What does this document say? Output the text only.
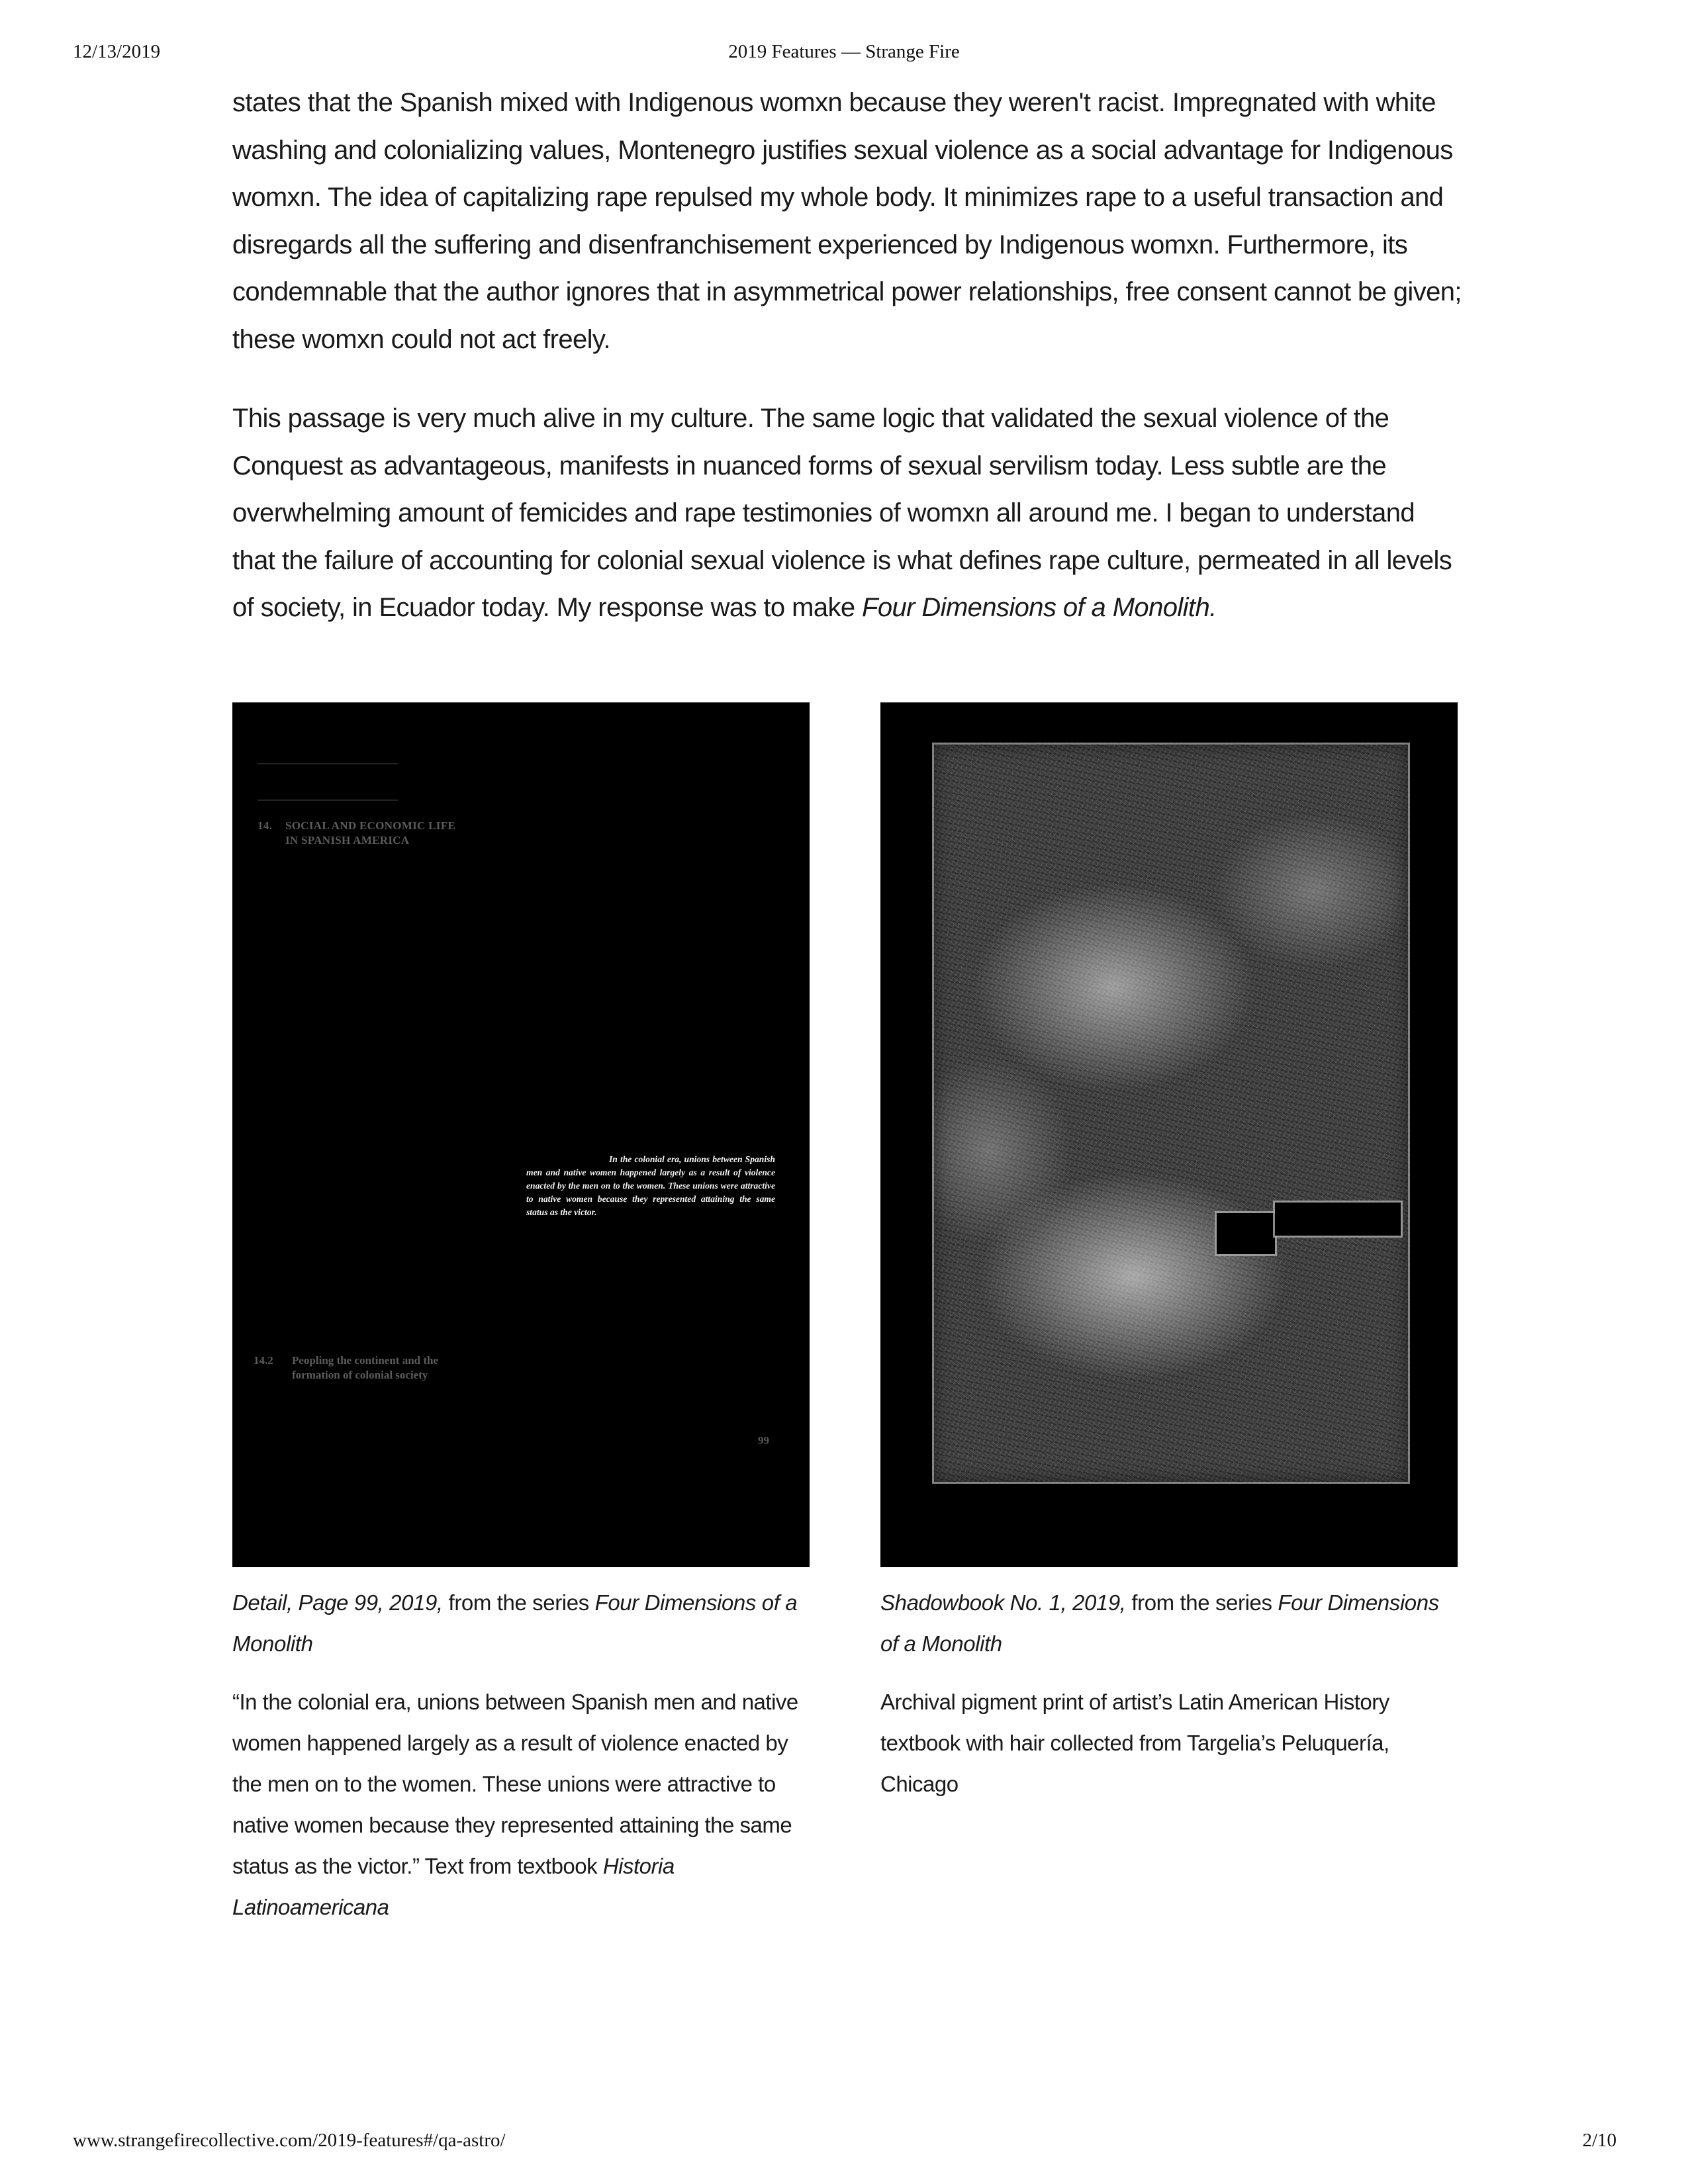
12/13/2019	2019 Features — Strange Fire

states that the Spanish mixed with Indigenous womxn because they weren't racist. Impregnated with white washing and colonializing values, Montenegro justifies sexual violence as a social advantage for Indigenous womxn. The idea of capitalizing rape repulsed my whole body. It minimizes rape to a useful transaction and disregards all the suffering and disenfranchisement experienced by Indigenous womxn. Furthermore, its condemnable that the author ignores that in asymmetrical power relationships, free consent cannot be given; these womxn could not act freely.

This passage is very much alive in my culture. The same logic that validated the sexual violence of the Conquest as advantageous, manifests in nuanced forms of sexual servilism today. Less subtle are the overwhelming amount of femicides and rape testimonies of womxn all around me. I began to understand that the failure of accounting for colonial sexual violence is what defines rape culture, permeated in all levels of society, in Ecuador today. My response was to make Four Dimensions of a Monolith.

14. SOCIAL AND ECONOMIC LIFE
IN SPANISH AMERICA
In the colonial era, unions between Spanish men and native women happened largely as a result of violence enacted by the men on to the women. These unions were attractive to native women because they represented attaining the same status as the victor.
14.2 Peopling the continent and the
formation of colonial society
99
Detail, Page 99, 2019, from the series Four Dimensions of a Monolith
“In the colonial era, unions between Spanish men and native women happened largely as a result of violence enacted by the men on to the women. These unions were attractive to native women because they represented attaining the same status as the victor.” Text from textbook Historia Latinoamericana
Shadowbook No. 1, 2019, from the series Four Dimensions of a Monolith
Archival pigment print of artist’s Latin American History textbook with hair collected from Targelia’s Peluquería, Chicago
www.strangefirecollective.com/2019-features#/qa-astro/	2/10
